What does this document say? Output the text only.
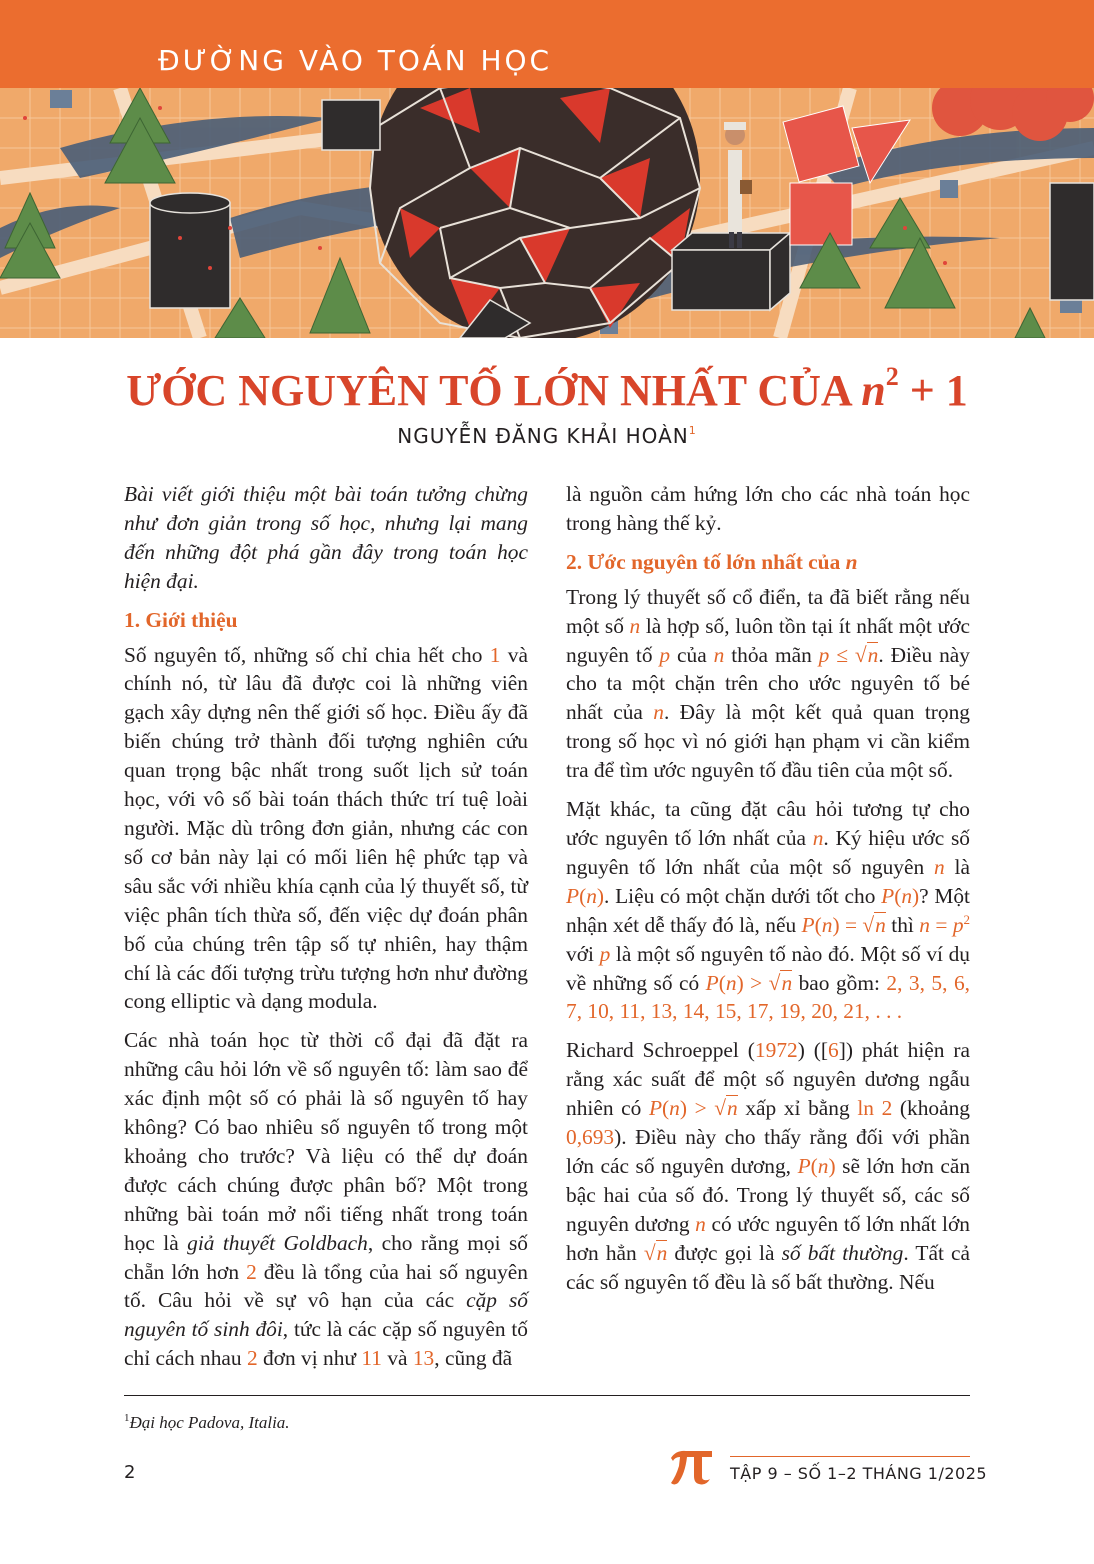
ĐƯỜNG VÀO TOÁN HỌC
ƯỚC NGUYÊN TỐ LỚN NHẤT CỦA $n^2 + 1$
NGUYỄN ĐĂNG KHẢI HOÀN$^1$

Bài viết giới thiệu một bài toán tưởng chừng như đơn giản trong số học, nhưng lại mang đến những đột phá gần đây trong toán học hiện đại.

1. Giới thiệu

Số nguyên tố, những số chỉ chia hết cho 1 và chính nó, từ lâu đã được coi là những viên gạch xây dựng nên thế giới số học. Điều ấy đã biến chúng trở thành đối tượng nghiên cứu quan trọng bậc nhất trong suốt lịch sử toán học, với vô số bài toán thách thức trí tuệ loài người. Mặc dù trông đơn giản, nhưng các con số cơ bản này lại có mối liên hệ phức tạp và sâu sắc với nhiều khía cạnh của lý thuyết số, từ việc phân tích thừa số, đến việc dự đoán phân bố của chúng trên tập số tự nhiên, hay thậm chí là các đối tượng trừu tượng hơn như đường cong elliptic và dạng modula.

Các nhà toán học từ thời cổ đại đã đặt ra những câu hỏi lớn về số nguyên tố: làm sao để xác định một số có phải là số nguyên tố hay không? Có bao nhiêu số nguyên tố trong một khoảng cho trước? Và liệu có thể dự đoán được cách chúng được phân bố? Một trong những bài toán mở nổi tiếng nhất trong toán học là giả thuyết Goldbach, cho rằng mọi số chẵn lớn hơn 2 đều là tổng của hai số nguyên tố. Câu hỏi về sự vô hạn của các cặp số nguyên tố sinh đôi, tức là các cặp số nguyên tố chỉ cách nhau 2 đơn vị như 11 và 13, cũng đã

là nguồn cảm hứng lớn cho các nhà toán học trong hàng thế kỷ.

2. Ước nguyên tố lớn nhất của n

Trong lý thuyết số cổ điển, ta đã biết rằng nếu một số n là hợp số, luôn tồn tại ít nhất một ước nguyên tố p của n thỏa mãn p ≤ √n. Điều này cho ta một chặn trên cho ước nguyên tố bé nhất của n. Đây là một kết quả quan trọng trong số học vì nó giới hạn phạm vi cần kiểm tra để tìm ước nguyên tố đầu tiên của một số.

Mặt khác, ta cũng đặt câu hỏi tương tự cho ước nguyên tố lớn nhất của n. Ký hiệu ước số nguyên tố lớn nhất của một số nguyên n là P(n). Liệu có một chặn dưới tốt cho P(n)? Một nhận xét dễ thấy đó là, nếu P(n) = √n thì $n = p^2$ với p là một số nguyên tố nào đó. Một số ví dụ về những số có P(n) > √n bao gồm: 2, 3, 5, 6, 7, 10, 11, 13, 14, 15, 17, 19, 20, 21, . . .

Richard Schroeppel (1972) ([6]) phát hiện ra rằng xác suất để một số nguyên dương ngẫu nhiên có P(n) > √n xấp xỉ bằng ln 2 (khoảng 0,693). Điều này cho thấy rằng đối với phần lớn các số nguyên dương, P(n) sẽ lớn hơn căn bậc hai của số đó. Trong lý thuyết số, các số nguyên dương n có ước nguyên tố lớn nhất lớn hơn hẳn √n được gọi là số bất thường. Tất cả các số nguyên tố đều là số bất thường. Nếu

$^1$Đại học Padova, Italia.
2	TẬP 9 – SỐ 1–2 THÁNG 1/2025
